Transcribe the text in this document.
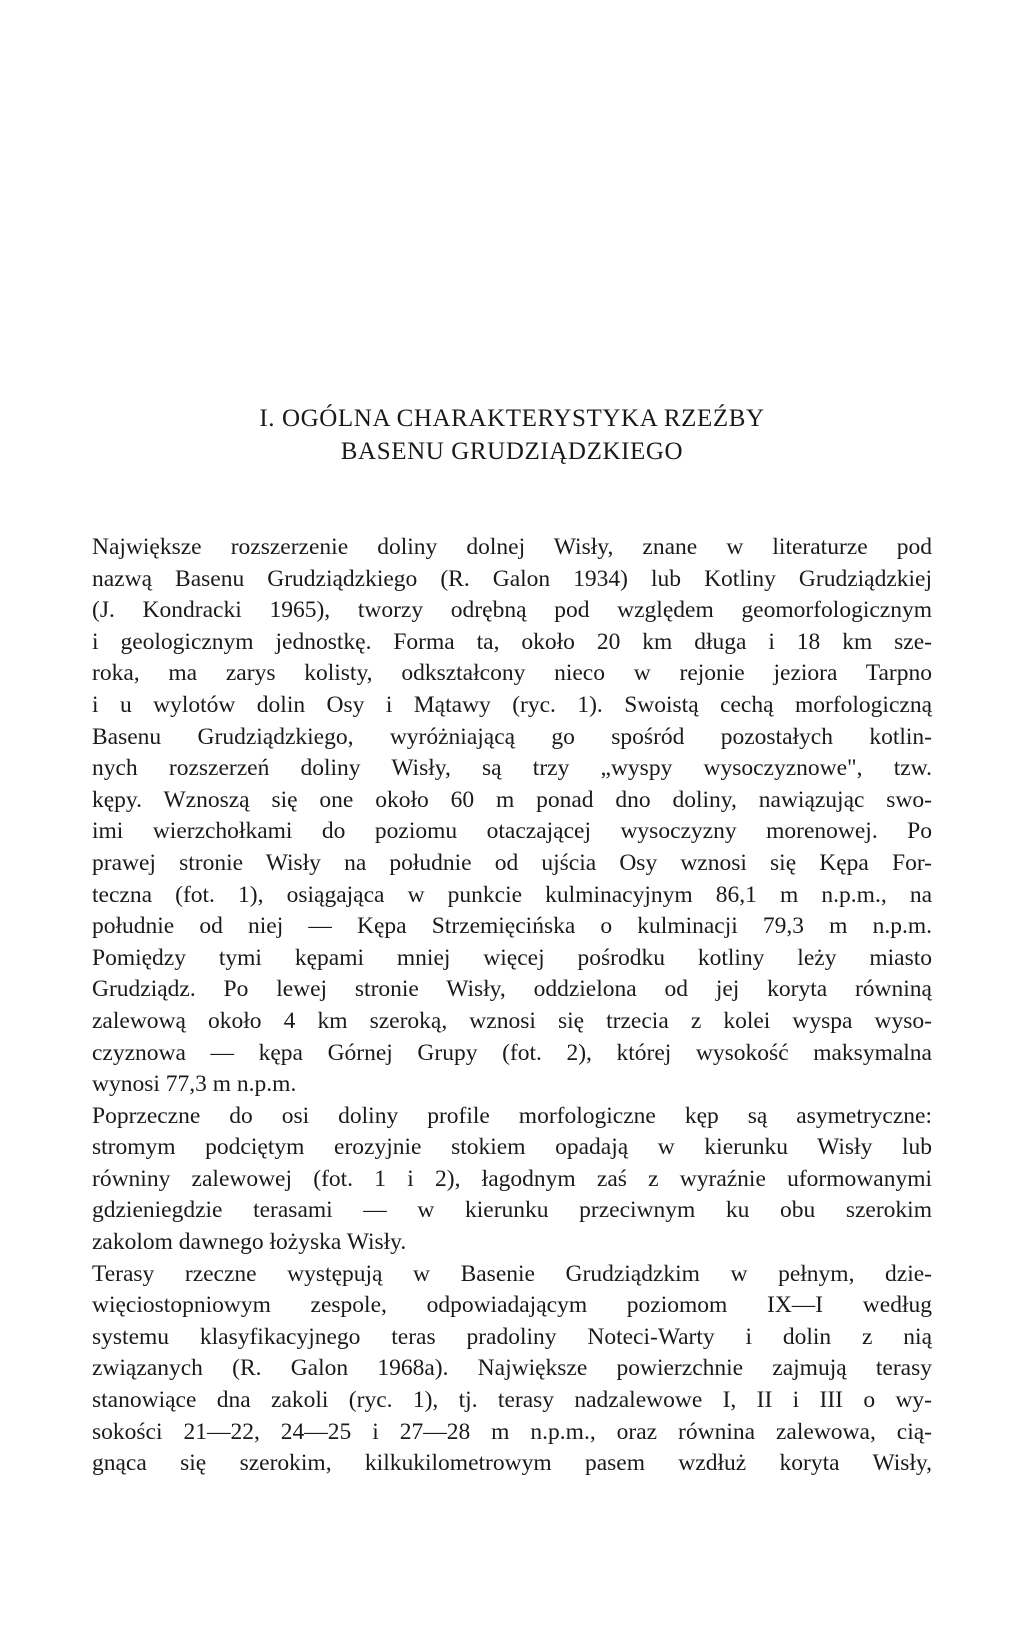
I. OGÓLNA CHARAKTERYSTYKA RZEŹBY
BASENU GRUDZIĄDZKIEGO

Największe rozszerzenie doliny dolnej Wisły, znane w literaturze pod
nazwą Basenu Grudziądzkiego (R. Galon 1934) lub Kotliny Grudziądzkiej
(J. Kondracki 1965), tworzy odrębną pod względem geomorfologicznym
i geologicznym jednostkę. Forma ta, około 20 km długa i 18 km sze-
roka, ma zarys kolisty, odkształcony nieco w rejonie jeziora Tarpno
i u wylotów dolin Osy i Mątawy (ryc. 1). Swoistą cechą morfologiczną
Basenu Grudziądzkiego, wyróżniającą go spośród pozostałych kotlin-
nych rozszerzeń doliny Wisły, są trzy „wyspy wysoczyznowe", tzw.
kępy. Wznoszą się one około 60 m ponad dno doliny, nawiązując swo-
imi wierzchołkami do poziomu otaczającej wysoczyzny morenowej. Po
prawej stronie Wisły na południe od ujścia Osy wznosi się Kępa For-
teczna (fot. 1), osiągająca w punkcie kulminacyjnym 86,1 m n.p.m., na
południe od niej — Kępa Strzemięcińska o kulminacji 79,3 m n.p.m.
Pomiędzy tymi kępami mniej więcej pośrodku kotliny leży miasto
Grudziądz. Po lewej stronie Wisły, oddzielona od jej koryta równiną
zalewową około 4 km szeroką, wznosi się trzecia z kolei wyspa wyso-
czyznowa — kępa Górnej Grupy (fot. 2), której wysokość maksymalna
wynosi 77,3 m n.p.m.

Poprzeczne do osi doliny profile morfologiczne kęp są asymetryczne:
stromym podciętym erozyjnie stokiem opadają w kierunku Wisły lub
równiny zalewowej (fot. 1 i 2), łagodnym zaś z wyraźnie uformowanymi
gdzieniegdzie terasami — w kierunku przeciwnym ku obu szerokim
zakolom dawnego łożyska Wisły.

Terasy rzeczne występują w Basenie Grudziądzkim w pełnym, dzie-
więciostopniowym zespole, odpowiadającym poziomom IX—I według
systemu klasyfikacyjnego teras pradoliny Noteci-Warty i dolin z nią
związanych (R. Galon 1968a). Największe powierzchnie zajmują terasy
stanowiące dna zakoli (ryc. 1), tj. terasy nadzalewowe I, II i III o wy-
sokości 21—22, 24—25 i 27—28 m n.p.m., oraz równina zalewowa, cią-
gnąca się szerokim, kilkukilometrowym pasem wzdłuż koryta Wisły,
